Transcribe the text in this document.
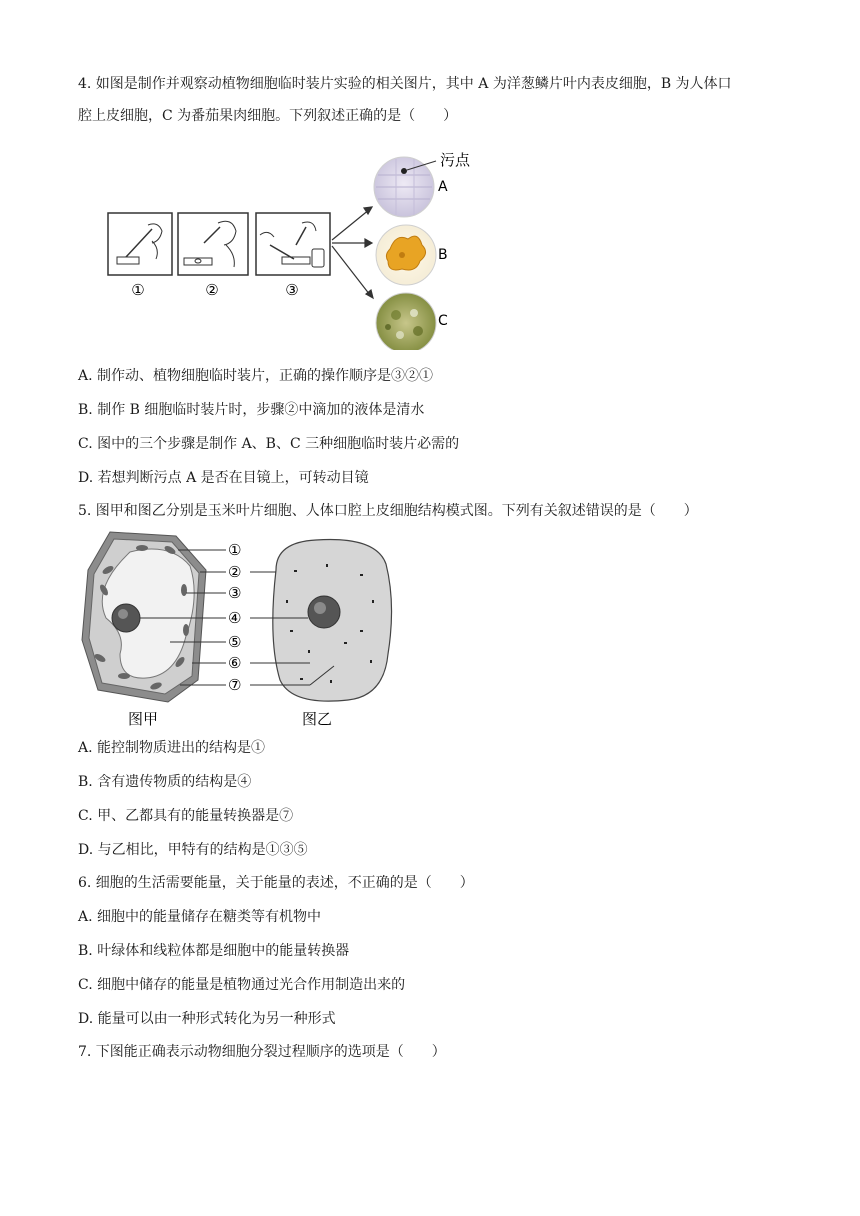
4. 如图是制作并观察动植物细胞临时装片实验的相关图片，其中 A 为洋葱鳞片叶内表皮细胞，B 为人体口
腔上皮细胞，C 为番茄果肉细胞。下列叙述正确的是（　　）
①	②	③
污点
A
B
C
A. 制作动、植物细胞临时装片，正确的操作顺序是③②①
B. 制作 B 细胞临时装片时，步骤②中滴加的液体是清水
C. 图中的三个步骤是制作 A、B、C 三种细胞临时装片必需的
D. 若想判断污点 A 是否在目镜上，可转动目镜
5. 图甲和图乙分别是玉米叶片细胞、人体口腔上皮细胞结构模式图。下列有关叙述错误的是（　　）
①
②
③
④
⑤
⑥
⑦
图甲	图乙
A. 能控制物质进出的结构是①
B. 含有遗传物质的结构是④
C. 甲、乙都具有的能量转换器是⑦
D. 与乙相比，甲特有的结构是①③⑤
6. 细胞的生活需要能量，关于能量的表述，不正确的是（　　）
A. 细胞中的能量储存在糖类等有机物中
B. 叶绿体和线粒体都是细胞中的能量转换器
C. 细胞中储存的能量是植物通过光合作用制造出来的
D. 能量可以由一种形式转化为另一种形式
7. 下图能正确表示动物细胞分裂过程顺序的选项是（　　）
